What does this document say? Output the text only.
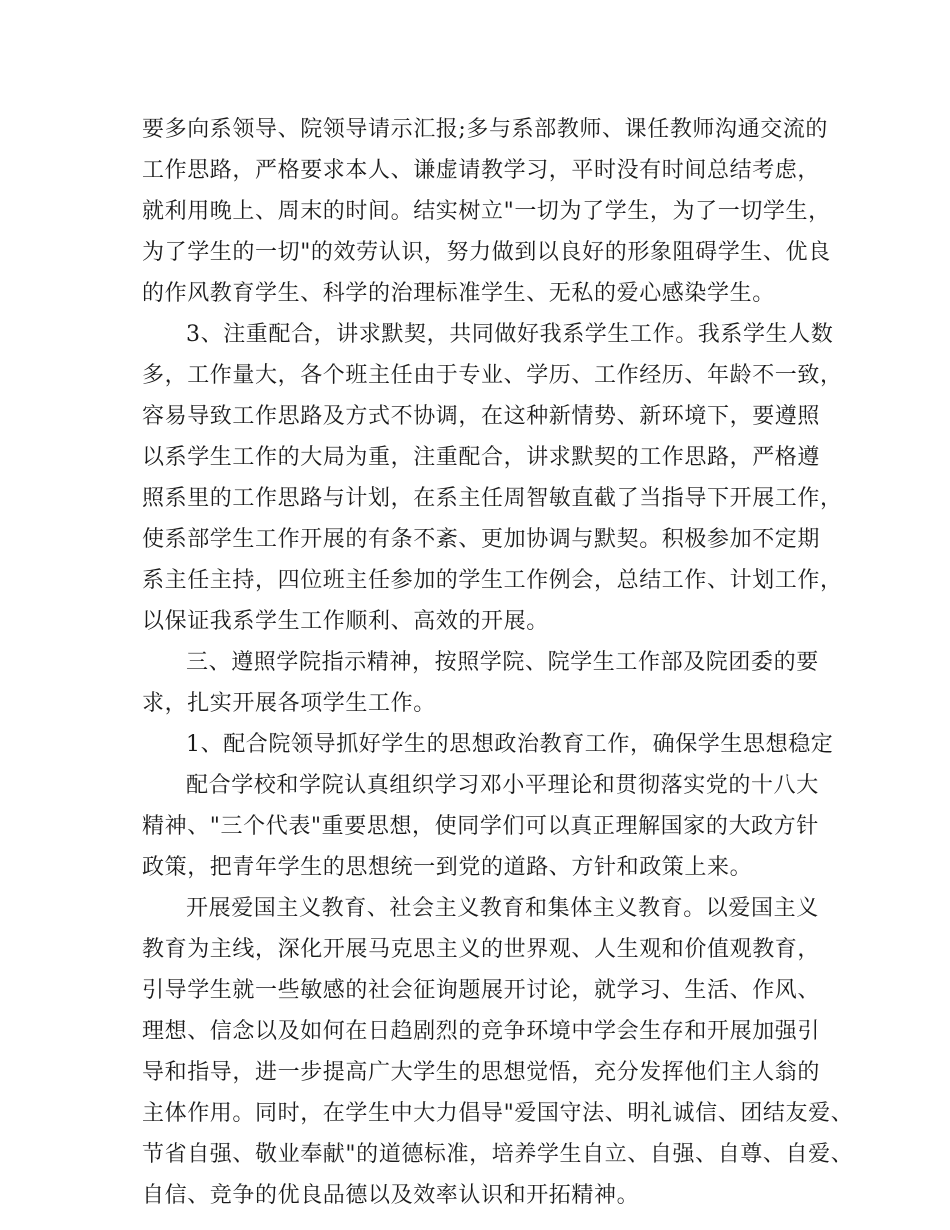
要多向系领导、院领导请示汇报;多与系部教师、课任教师沟通交流的
工作思路，严格要求本人、谦虚请教学习，平时没有时间总结考虑，
就利用晚上、周末的时间。结实树立"一切为了学生，为了一切学生，
为了学生的一切"的效劳认识，努力做到以良好的形象阻碍学生、优良
的作风教育学生、科学的治理标准学生、无私的爱心感染学生。
3、注重配合，讲求默契，共同做好我系学生工作。我系学生人数
多，工作量大，各个班主任由于专业、学历、工作经历、年龄不一致，
容易导致工作思路及方式不协调，在这种新情势、新环境下，要遵照
以系学生工作的大局为重，注重配合，讲求默契的工作思路，严格遵
照系里的工作思路与计划，在系主任周智敏直截了当指导下开展工作，
使系部学生工作开展的有条不紊、更加协调与默契。积极参加不定期
系主任主持，四位班主任参加的学生工作例会，总结工作、计划工作，
以保证我系学生工作顺利、高效的开展。
三、遵照学院指示精神，按照学院、院学生工作部及院团委的要
求，扎实开展各项学生工作。
1、配合院领导抓好学生的思想政治教育工作，确保学生思想稳定
配合学校和学院认真组织学习邓小平理论和贯彻落实党的十八大
精神、"三个代表"重要思想，使同学们可以真正理解国家的大政方针
政策，把青年学生的思想统一到党的道路、方针和政策上来。
开展爱国主义教育、社会主义教育和集体主义教育。以爱国主义
教育为主线，深化开展马克思主义的世界观、人生观和价值观教育，
引导学生就一些敏感的社会征询题展开讨论，就学习、生活、作风、
理想、信念以及如何在日趋剧烈的竞争环境中学会生存和开展加强引
导和指导，进一步提高广大学生的思想觉悟，充分发挥他们主人翁的
主体作用。同时，在学生中大力倡导"爱国守法、明礼诚信、团结友爱、
节省自强、敬业奉献"的道德标准，培养学生自立、自强、自尊、自爱、
自信、竞争的优良品德以及效率认识和开拓精神。
